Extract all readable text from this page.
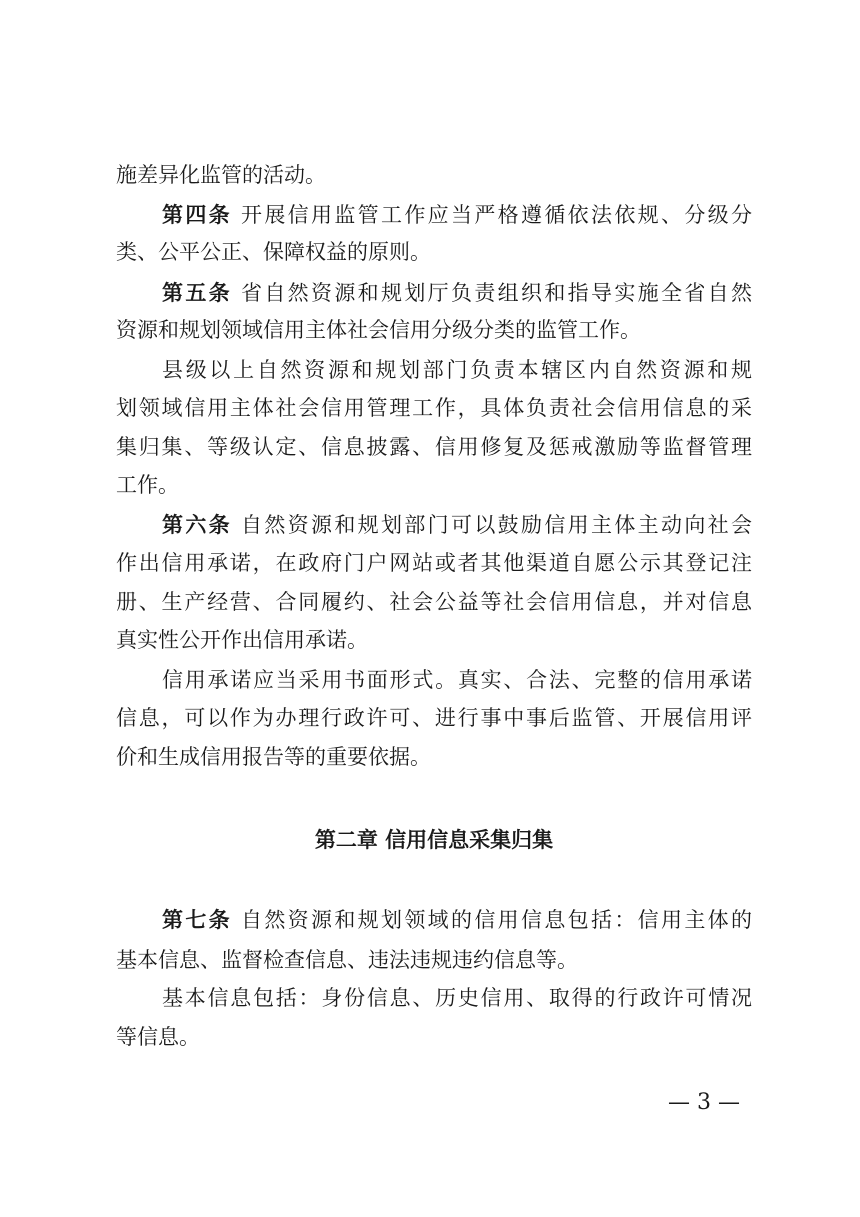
施差异化监管的活动。
第四条 开展信用监管工作应当严格遵循依法依规、分级分
类、公平公正、保障权益的原则。
第五条 省自然资源和规划厅负责组织和指导实施全省自然
资源和规划领域信用主体社会信用分级分类的监管工作。
县级以上自然资源和规划部门负责本辖区内自然资源和规
划领域信用主体社会信用管理工作，具体负责社会信用信息的采
集归集、等级认定、信息披露、信用修复及惩戒激励等监督管理
工作。
第六条 自然资源和规划部门可以鼓励信用主体主动向社会
作出信用承诺，在政府门户网站或者其他渠道自愿公示其登记注
册、生产经营、合同履约、社会公益等社会信用信息，并对信息
真实性公开作出信用承诺。
信用承诺应当采用书面形式。真实、合法、完整的信用承诺
信息，可以作为办理行政许可、进行事中事后监管、开展信用评
价和生成信用报告等的重要依据。
第二章 信用信息采集归集
第七条 自然资源和规划领域的信用信息包括：信用主体的
基本信息、监督检查信息、违法违规违约信息等。
基本信息包括：身份信息、历史信用、取得的行政许可情况
等信息。
— 3 —
